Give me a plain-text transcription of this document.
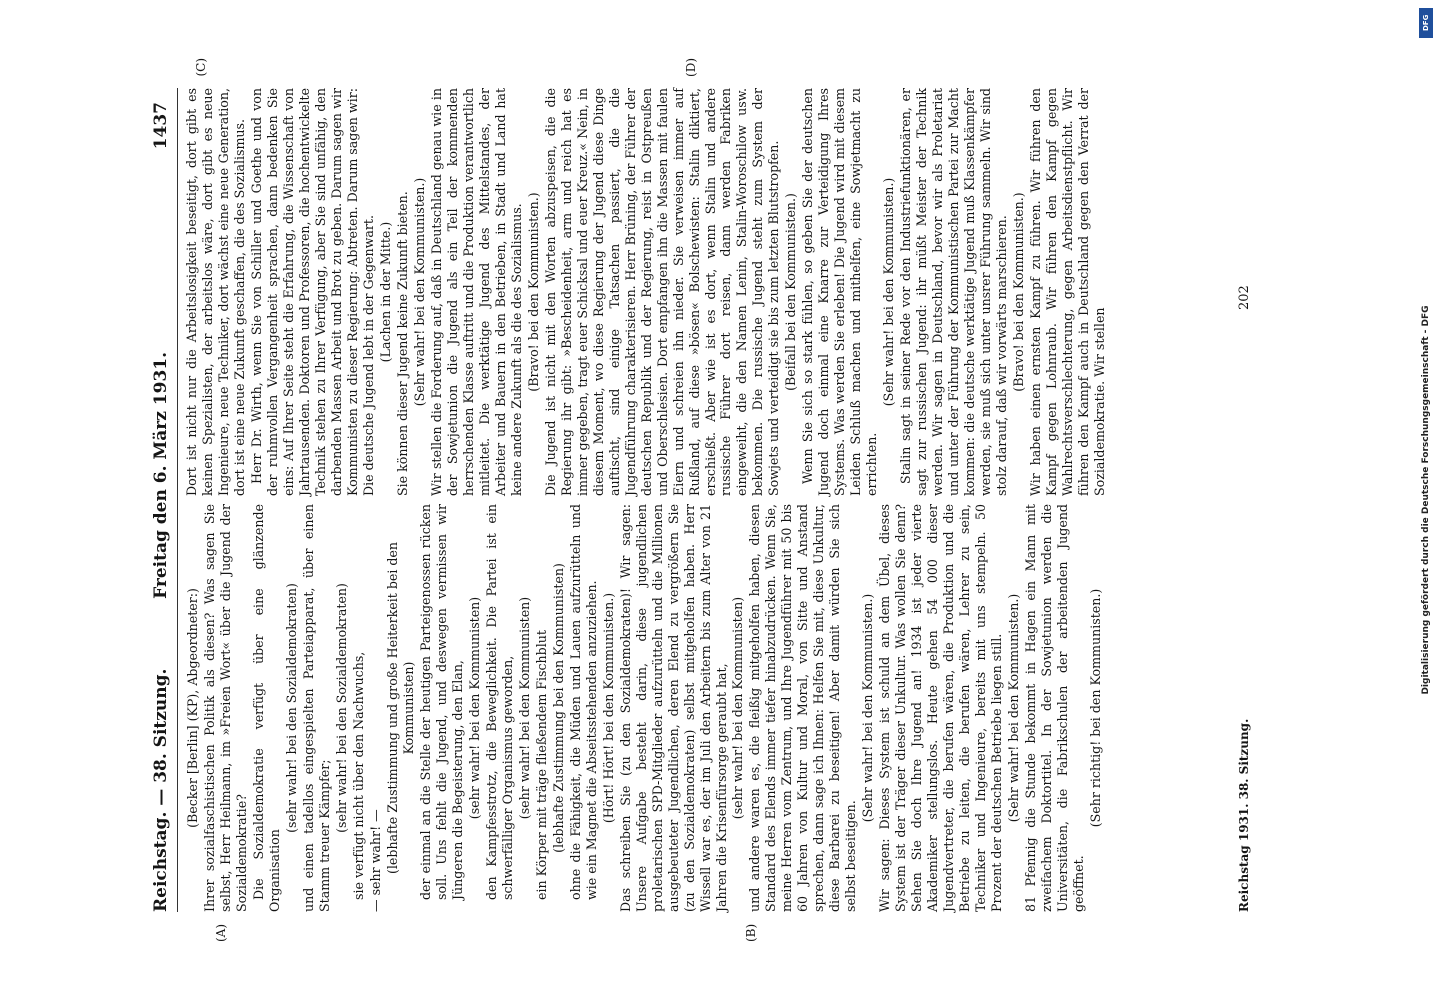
Reichstag. — 38. Sitzung.
Freitag den 6. März 1931.
1437
(A)	(B)

(Becker [Berlin] (KP), Abgeordneter:) Ihrer sozialfaschistischen Politik als diesen? Was sagen Sie selbst, Herr Heilmann, im »Freien Wort« über die Jugend der Sozialdemokratie? Die Sozialdemokratie verfügt über eine glänzende Organisation

(sehr wahr! bei den Sozialdemokraten) und einen tadellos eingespielten Parteiapparat, über einen Stamm treuer Kämpfer;

(sehr wahr! bei den Sozialdemokraten) sie verfügt nicht über den Nachwuchs, — sehr wahr! — (lebhafte Zustimmung und große Heiterkeit bei den Kommunisten) der einmal an die Stelle der heutigen Parteigenossen rücken soll. Uns fehlt die Jugend, und deswegen vermissen wir Jüngeren die Begeisterung, den Elan, (sehr wahr! bei den Kommunisten) den Kampfesstrotz, die Beweglichkeit. Die Partei ist ein schwerfälliger Organismus geworden, (sehr wahr! bei den Kommunisten) ein Körper mit träge fließendem Fischblut (lebhafte Zustimmung bei den Kommunisten) ohne die Fähigkeit, die Müden und Lauen aufzurütteln und wie ein Magnet die Abseitsstehenden anzuziehen. (Hört! Hört! bei den Kommunisten.) Das schreiben Sie (zu den Sozialdemokraten)! Wir sagen: Unsere Aufgabe besteht darin, diese jugendlichen proletarischen SPD-Mitglieder aufzurütteln und die Millionen ausgebeuteter Jugendlichen, deren Elend zu vergrößern Sie (zu den Sozialdemokraten) selbst mitgeholfen haben. Herr Wissell war es, der im Juli den Arbeitern bis zum Alter von 21 Jahren die Krisenfürsorge geraubt hat, (sehr wahr! bei den Kommunisten) und andere waren es, die fleißig mitgeholfen haben, diesen Standard des Elends immer tiefer hinabzudrücken. Wenn Sie, meine Herren vom Zentrum, und Ihre Jugendführer mit 50 bis 60 Jahren von Kultur und Moral, von Sitte und Anstand sprechen, dann sage ich Ihnen: Helfen Sie mit, diese Unkultur, diese Barbarei zu beseitigen! Aber damit würden Sie sich selbst beseitigen.

(Sehr wahr! bei den Kommunisten.) Wir sagen: Dieses System ist schuld an dem Übel, dieses System ist der Träger dieser Unkultur. Was wollen Sie denn? Sehen Sie doch Ihre Jugend an! 1934 ist jeder vierte Akademiker stellungslos. Heute gehen 54 000 dieser Jugendvertreter, die berufen wären, die Produktion und die Betriebe zu leiten, die berufen wären, Lehrer zu sein, Techniker und Ingenieure, bereits mit uns stempeln. 50 Prozent der deutschen Betriebe liegen still. (Sehr wahr! bei den Kommunisten.) 81 Pfennig die Stunde bekommt in Hagen ein Mann mit zweifachem Doktortitel. In der Sowjetunion werden die Universitäten, die Fabrikschulen der arbeitenden Jugend geöffnet.

(Sehr richtig! bei den Kommunisten.)

(C)	(D)

Dort ist nicht nur die Arbeitslosigkeit beseitigt, dort gibt es keinen Spezialisten, der arbeitslos wäre, dort gibt es neue Ingenieure, neue Techniker, dort wächst eine neue Generation, dort ist eine neue Zukunft geschaffen, die des Sozialismus. Herr Dr. Wirth, wenn Sie von Schiller und Goethe und von der ruhmvollen Vergangenheit sprachen, dann bedenken Sie eins: Auf Ihrer Seite steht die Erfahrung, die Wissenschaft von Jahrtausenden. Doktoren und Professoren, die hochentwickelte Technik stehen zu Ihrer Verfügung, aber Sie sind unfähig, den darbenden Massen Arbeit und Brot zu geben. Darum sagen wir Kommunisten zu dieser Regierung: Abtreten. Darum sagen wir: Die deutsche Jugend lebt in der Gegenwart. (Lachen in der Mitte.) Sie können dieser Jugend keine Zukunft bieten. (Sehr wahr! bei den Kommunisten.) Wir stellen die Forderung auf, daß in Deutschland genau wie in der Sowjetunion die Jugend als ein Teil der kommenden herrschenden Klasse auftritt und die Produktion verantwortlich mitleitet. Die werktätige Jugend des Mittelstandes, der Arbeiter und Bauern in den Betrieben, in Stadt und Land hat keine andere Zukunft als die des Sozialismus. (Bravo! bei den Kommunisten.) Die Jugend ist nicht mit den Worten abzuspeisen, die die Regierung ihr gibt: »Bescheidenheit, arm und reich hat es immer gegeben, tragt euer Schicksal und euer Kreuz.« Nein, in diesem Moment, wo diese Regierung der Jugend diese Dinge auftischt, sind einige Tatsachen passiert, die die Jugendführung charakterisieren. Herr Brüning, der Führer der deutschen Republik und der Regierung, reist in Ostpreußen und Oberschlesien. Dort empfangen ihn die Massen mit faulen Eiern und schreien ihn nieder. Sie verweisen immer auf Rußland, auf diese »bösen« Bolschewisten: Stalin diktiert, erschießt. Aber wie ist es dort, wenn Stalin und andere russische Führer dort reisen, dann werden Fabriken eingeweiht, die den Namen Lenin, Stalin-Woroschilow usw. bekommen. Die russische Jugend steht zum System der Sowjets und verteidigt sie bis zum letzten Blutstropfen. (Beifall bei den Kommunisten.) Wenn Sie sich so stark fühlen, so geben Sie der deutschen Jugend doch einmal eine Knarre zur Verteidigung Ihres Systems. Was werden Sie erleben! Die Jugend wird mit diesem Leiden Schluß machen und mithelfen, eine Sowjetmacht zu errichten.

(Sehr wahr! bei den Kommunisten.) Stalin sagt in seiner Rede vor den Industriefunktionären, er sagt zur russischen Jugend: ihr müßt Meister der Technik werden. Wir sagen in Deutschland, bevor wir als Proletariat und unter der Führung der Kommunistischen Partei zur Macht kommen: die deutsche werktätige Jugend muß Klassenkämpfer werden, sie muß sich unter unsrer Führung sammeln. Wir sind stolz darauf, daß wir vorwärts marschieren. (Bravo! bei den Kommunisten.) Wir haben einen ernsten Kampf zu führen. Wir führen den Kampf gegen Lohnraub. Wir führen den Kampf gegen Wahlrechtsverschlechterung, gegen Arbeitsdienstpflicht. Wir führen den Kampf auch in Deutschland gegen den Verrat der Sozialdemokratie. Wir stellen

Reichstag 1931. 38. Sitzung.
202
DFG
Digitalisierung gefördert durch die Deutsche Forschungsgemeinschaft - DFG
